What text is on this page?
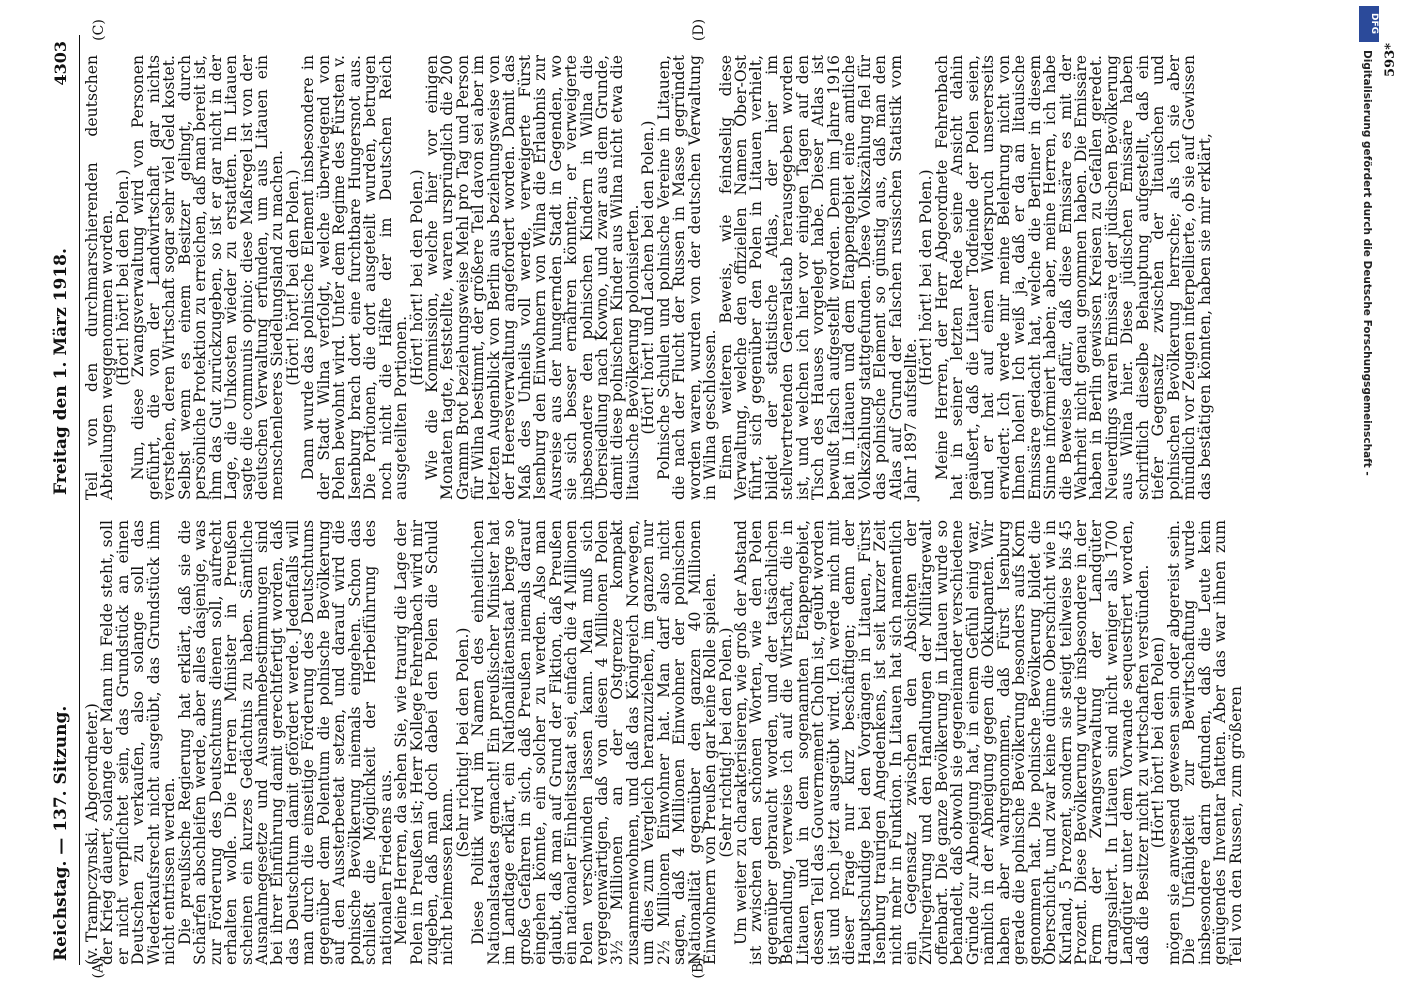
Reichstag. — 137. Sitzung.
Freitag den 1. März 1918.
4303

(v. Trampczynski, Abgeordneter.)

der Krieg dauert, solange der Mann im Felde steht, soll er nicht verpflichtet sein, das Grundstück an einen Deutschen zu verkaufen, also solange soll das Wiederkaufsrecht nicht ausgeübt, das Grundstück ihm nicht entrissen werden.

Die preußische Regierung hat erklärt, daß sie die Schärfen abschleifen werde, aber alles dasjenige, was zur Förderung des Deutschtums dienen soll, aufrecht erhalten wolle. Die Herren Minister in Preußen scheinen ein kurzes Gedächtnis zu haben. Sämtliche Ausnahmegesetze und Ausnahmebestimmungen sind bei ihrer Einführung damit gerechtfertigt worden, daß das Deutschtum damit gefördert werde. Jedenfalls will man durch die einseitige Förderung des Deutschtums gegenüber dem Polentum die polnische Bevölkerung auf den Aussterbeetat setzen, und darauf wird die polnische Bevölkerung niemals eingehen. Schon das schließt die Möglichkeit der Herbeiführung des nationalen Friedens aus.

Meine Herren, da sehen Sie, wie traurig die Lage der Polen in Preußen ist; Herr Kollege Fehrenbach wird mir zugeben, daß man doch dabei den Polen die Schuld nicht beimessen kann.

(Sehr richtig! bei den Polen.)

Diese Politik wird im Namen des einheitlichen Nationalstaates gemacht! Ein preußischer Minister hat im Landtage erklärt, ein Nationalitätenstaat berge so große Gefahren in sich, daß Preußen niemals darauf eingehen könnte, ein solcher zu werden. Also man glaubt, daß man auf Grund der Fiktion, daß Preußen ein nationaler Einheitsstaat sei, einfach die 4 Millionen Polen verschwinden lassen kann. Man muß sich vergegenwärtigen, daß von diesen 4 Millionen Polen 3½ Millionen an der Ostgrenze kompakt zusammenwohnen, und daß das Königreich Norwegen, um dies zum Vergleich heranzuziehen, im ganzen nur 2½ Millionen Einwohner hat. Man darf also nicht sagen, daß 4 Millionen Einwohner der polnischen Nationalität gegenüber den ganzen 40 Millionen Einwohnern von Preußen gar keine Rolle spielen.

(Sehr richtig! bei den Polen.)

Um weiter zu charakterisieren, wie groß der Abstand ist zwischen den schönen Worten, wie den Polen gegenüber gebraucht worden, und der tatsächlichen Behandlung, verweise ich auf die Wirtschaft, die in Litauen und in dem sogenannten Etappengebiet, dessen Teil das Gouvernement Cholm ist, geübt worden ist und noch jetzt ausgeübt wird. Ich werde mich mit dieser Frage nur kurz beschäftigen; denn der Hauptschuldige bei den Vorgängen in Litauen, Fürst Isenburg traurigen Angedenkens, ist seit kurzer Zeit nicht mehr in Funktion. In Litauen hat sich namentlich ein Gegensatz zwischen den Absichten der Zivilregierung und den Handlungen der Militärgewalt offenbart. Die ganze Bevölkerung in Litauen wurde so behandelt, daß obwohl sie gegeneinander verschiedene Gründe zur Abneigung hat, in einem Gefühl einig war, nämlich in der Abneigung gegen die Okkupanten. Wir haben aber wahrgenommen, daß Fürst Isenburg gerade die polnische Bevölkerung besonders aufs Korn genommen hat. Die polnische Bevölkerung bildet die Oberschicht, und zwar keine dünne Oberschicht wie in Kurland, 5 Prozent, sondern sie steigt teilweise bis 45 Prozent. Diese Bevölkerung wurde insbesondere in der Form der Zwangsverwaltung der Landgüter drangsaliert. In Litauen sind nicht weniger als 1700 Landgüter unter dem Vorwande sequestriert worden, daß die Besitzer nicht zu wirtschaften verstünden.

(Hört! hört! bei den Polen)

mögen sie anwesend gewesen sein oder abgereist sein. Die Unfähigkeit zur Bewirtschaftung wurde insbesondere darin gefunden, daß die Leute kein genügendes Inventar hatten. Aber das war ihnen zum Teil von den Russen, zum größeren

Teil von den durchmarschierenden deutschen Abteilungen weggenommen worden.

(Hört! hört! bei den Polen.)

Nun, diese Zwangsverwaltung wird von Personen geführt, die von der Landwirtschaft gar nichts verstehen, deren Wirtschaft sogar sehr viel Geld kostet. Selbst wenn es einem Besitzer gelingt, durch persönliche Protektion zu erreichen, daß man bereit ist, ihm das Gut zurückzugeben, so ist er gar nicht in der Lage, die Unkosten wieder zu erstatten. In Litauen sagte die communis opinio: diese Maßregel ist von der deutschen Verwaltung erfunden, um aus Litauen ein menschenleeres Siedelungsland zu machen.

(Hört! hört! bei den Polen.)

Dann wurde das polnische Element insbesondere in der Stadt Wilna verfolgt, welche überwiegend von Polen bewohnt wird. Unter dem Regime des Fürsten v. Isenburg brach dort eine furchtbare Hungersnot aus. Die Portionen, die dort ausgeteilt wurden, betrugen noch nicht die Hälfte der im Deutschen Reich ausgeteilten Portionen.

(Hört! hört! bei den Polen.)

Wie die Kommission, welche hier vor einigen Monaten tagte, feststellte, waren ursprünglich die 200 Gramm Brot beziehungsweise Mehl pro Tag und Person für Wilna bestimmt, der größere Teil davon sei aber im letzten Augenblick von Berlin aus beziehungsweise von der Heeresverwaltung angefordert worden. Damit das Maß des Unheils voll werde, verweigerte Fürst Isenburg den Einwohnern von Wilna die Erlaubnis zur Ausreise aus der hungernden Stadt in Gegenden, wo sie sich besser ernähren könnten; er verweigerte insbesondere den polnischen Kindern in Wilna die Übersiedlung nach Kowno, und zwar aus dem Grunde, damit diese polnischen Kinder aus Wilna nicht etwa die litauische Bevölkerung polonisierten.

(Hört! hört! und Lachen bei den Polen.)

Polnische Schulen und polnische Vereine in Litauen, die nach der Flucht der Russen in Masse gegründet worden waren, wurden von der deutschen Verwaltung in Wilna geschlossen.

Einen weiteren Beweis, wie feindselig diese Verwaltung, welche den offiziellen Namen Ober-Ost führt, sich gegenüber den Polen in Litauen verhielt, bildet der statistische Atlas, der hier im stellvertretenden Generalstab herausgegeben worden ist, und welchen ich hier vor einigen Tagen auf den Tisch des Hauses vorgelegt habe. Dieser Atlas ist bewußt falsch aufgestellt worden. Denn im Jahre 1916 hat in Litauen und dem Etappengebiet eine amtliche Volkszählung stattgefunden. Diese Volkszählung fiel für das polnische Element so günstig aus, daß man den Atlas auf Grund der falschen russischen Statistik vom Jahr 1897 aufstellte.

(Hört! hört! bei den Polen.)

Meine Herren, der Herr Abgeordnete Fehrenbach hat in seiner letzten Rede seine Ansicht dahin geäußert, daß die Litauer Todfeinde der Polen seien, und er hat auf einen Widerspruch unsererseits erwidert: Ich werde mir meine Belehrung nicht von Ihnen holen! Ich weiß ja, daß er da an litauische Emissäre gedacht hat, welche die Berliner in diesem Sinne informiert haben; aber, meine Herren, ich habe die Beweise dafür, daß diese Emissäre es mit der Wahrheit nicht genau genommen haben. Die Emissäre haben in Berlin gewissen Kreisen zu Gefallen geredet. Neuerdings waren Emissäre der jüdischen Bevölkerung aus Wilna hier. Diese jüdischen Emissäre haben schriftlich dieselbe Behauptung aufgestellt, daß ein tiefer Gegensatz zwischen der litauischen und polnischen Bevölkerung herrsche; als ich sie aber mündlich vor Zeugen interpellierte, ob sie auf Gewissen das bestätigen könnten, haben sie mir erklärt,

593*
(A)	(B)
(C)	(D)	DFG
Digitalisierung gefördert durch die Deutsche Forschungsgemeinschaft -
